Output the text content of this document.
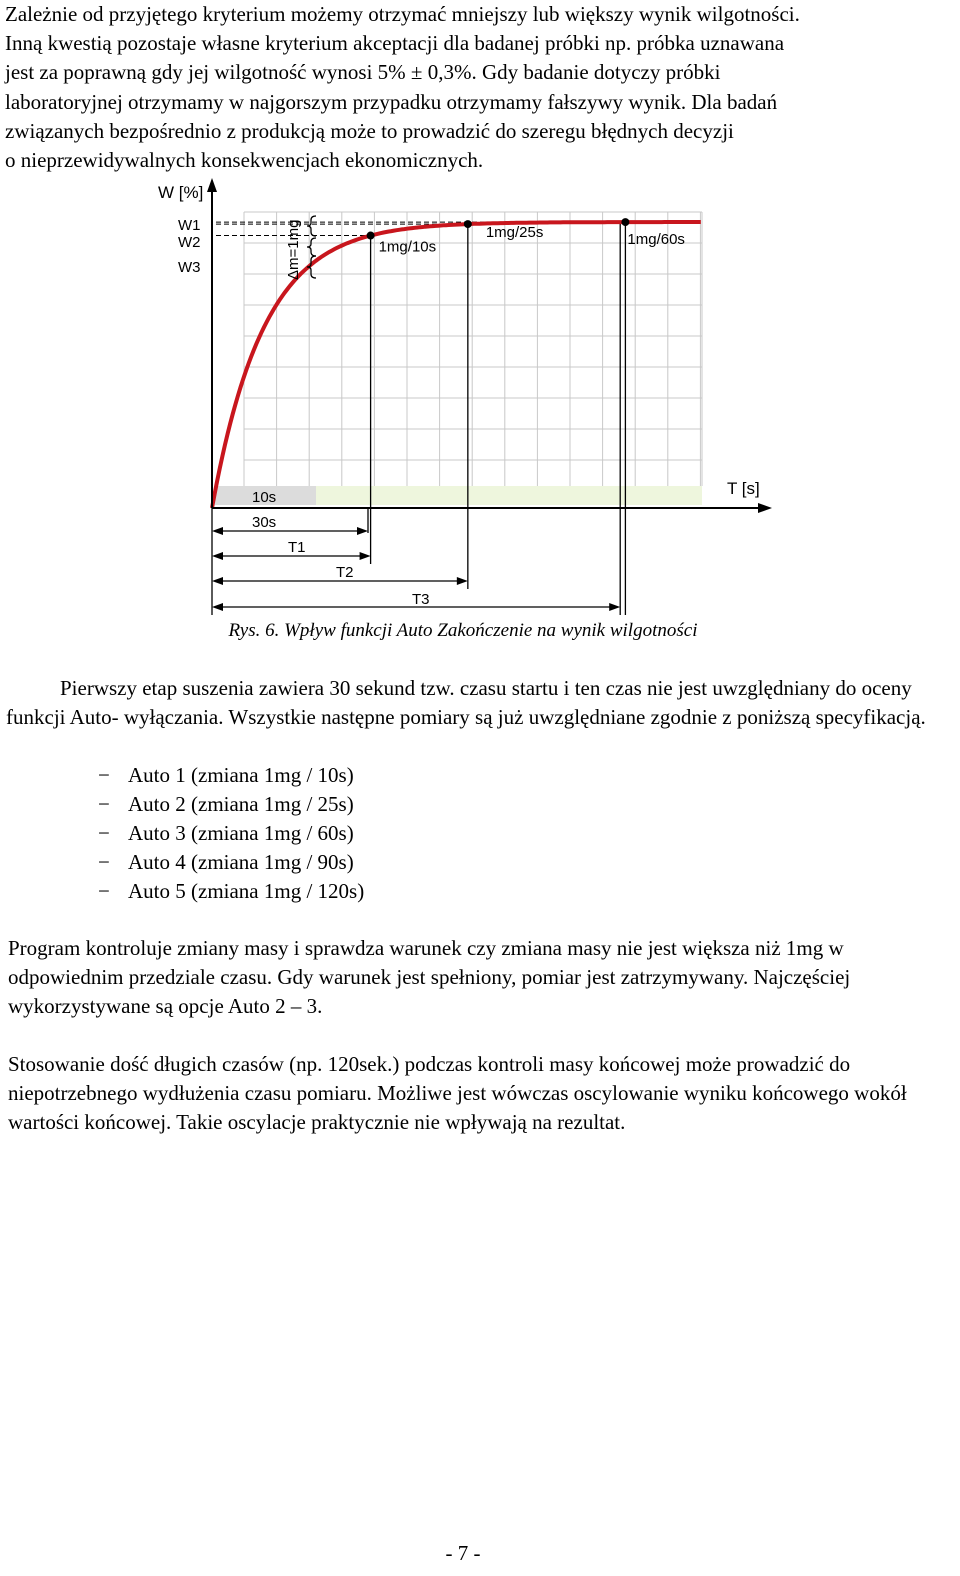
Zależnie od przyjętego kryterium możemy otrzymać mniejszy lub większy wynik wilgotności.
Inną kwestią pozostaje własne kryterium akceptacji dla badanej próbki np. próbka uznawana
jest za poprawną gdy jej wilgotność wynosi 5% ± 0,3%. Gdy badanie dotyczy próbki
laboratoryjnej otrzymamy w najgorszym przypadku otrzymamy fałszywy wynik. Dla badań
związanych bezpośrednio z produkcją może to prowadzić do szeregu błędnych decyzji
o nieprzewidywalnych konsekwencjach ekonomicznych.
W [%]
T [s]
W1
W2
W3	Δm=1mg	1mg/10s
1mg/25s	1mg/60s
10s
30s
T1
T2
T3
Rys. 6. Wpływ funkcji Auto Zakończenie na wynik wilgotności

Pierwszy etap suszenia zawiera 30 sekund tzw. czasu startu i ten czas nie jest uwzględniany do oceny funkcji Auto- wyłączania. Wszystkie następne pomiary są już uwzględniane zgodnie z poniższą specyfikacją.

− Auto 1 (zmiana 1mg / 10s)
− Auto 2 (zmiana 1mg / 25s)
− Auto 3 (zmiana 1mg / 60s)
− Auto 4 (zmiana 1mg / 90s)
− Auto 5 (zmiana 1mg / 120s)

Program kontroluje zmiany masy i sprawdza warunek czy zmiana masy nie jest większa niż 1mg w odpowiednim przedziale czasu. Gdy warunek jest spełniony, pomiar jest zatrzymywany. Najczęściej wykorzystywane są opcje Auto 2 – 3.

Stosowanie dość długich czasów (np. 120sek.) podczas kontroli masy końcowej może prowadzić do niepotrzebnego wydłużenia czasu pomiaru. Możliwe jest wówczas oscylowanie wyniku końcowego wokół wartości końcowej. Takie oscylacje praktycznie nie wpływają na rezultat.

- 7 -
